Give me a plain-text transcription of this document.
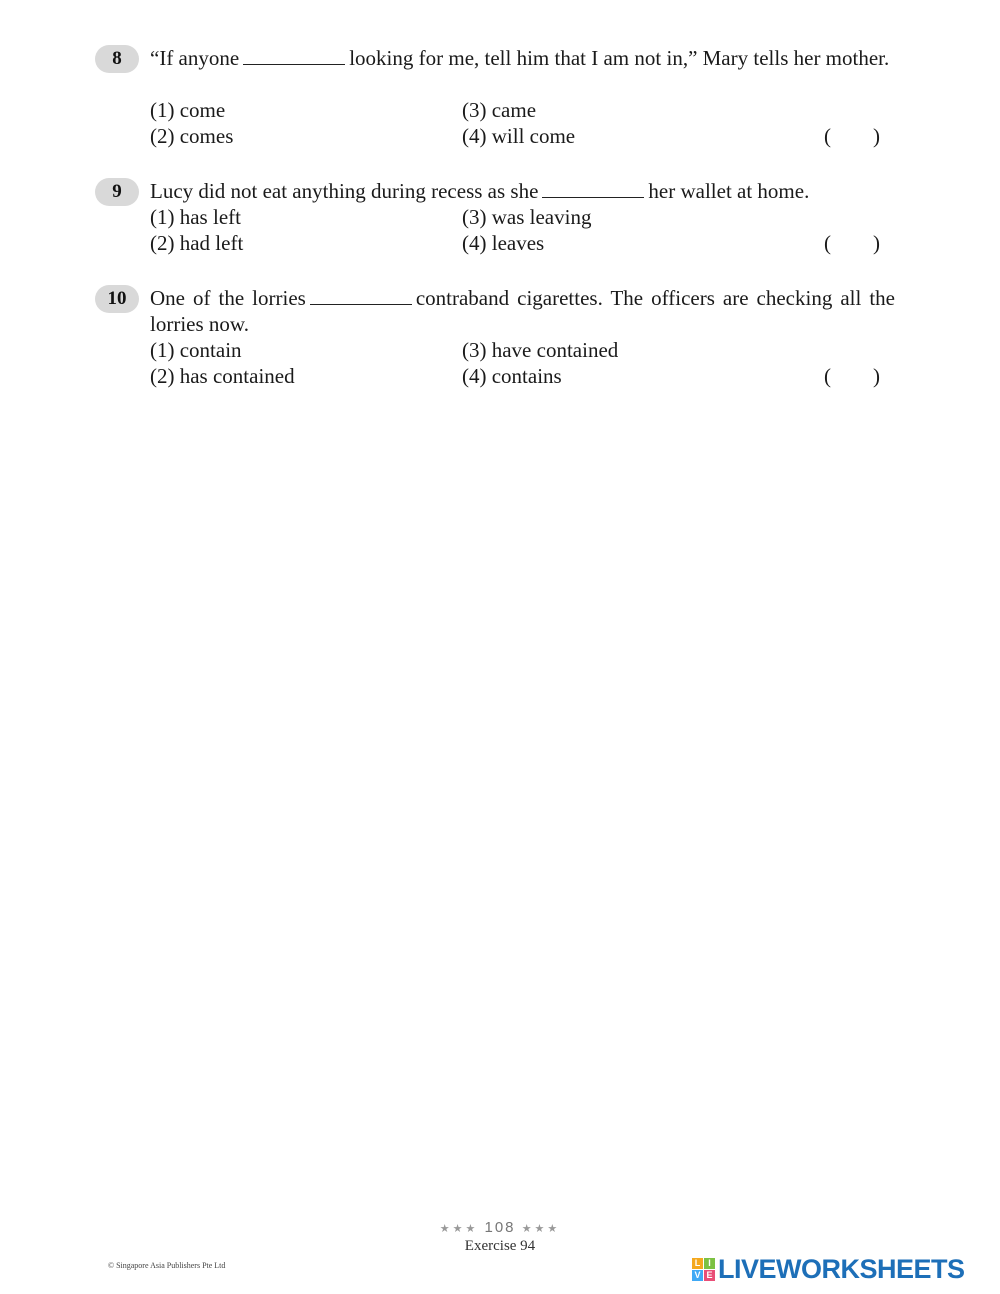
8	“If anyone	looking for me, tell him that I am not in,” Mary tells her mother.
(1) come
(2) comes
(3) came
(4) will come	( )
9	Lucy did not eat anything during recess as she	her wallet at home.
(1) has left
(2) had left
(3) was leaving
(4) leaves	( )
10	One of the lorries	contraband cigarettes. The officers are checking all the lorries now.
(1) contain
(2) has contained
(3) have contained
(4) contains	( )
★★★ 108 ★★★
Exercise 94
© Singapore Asia Publishers Pte Ltd	L I
V E LIVEWORKSHEETS
